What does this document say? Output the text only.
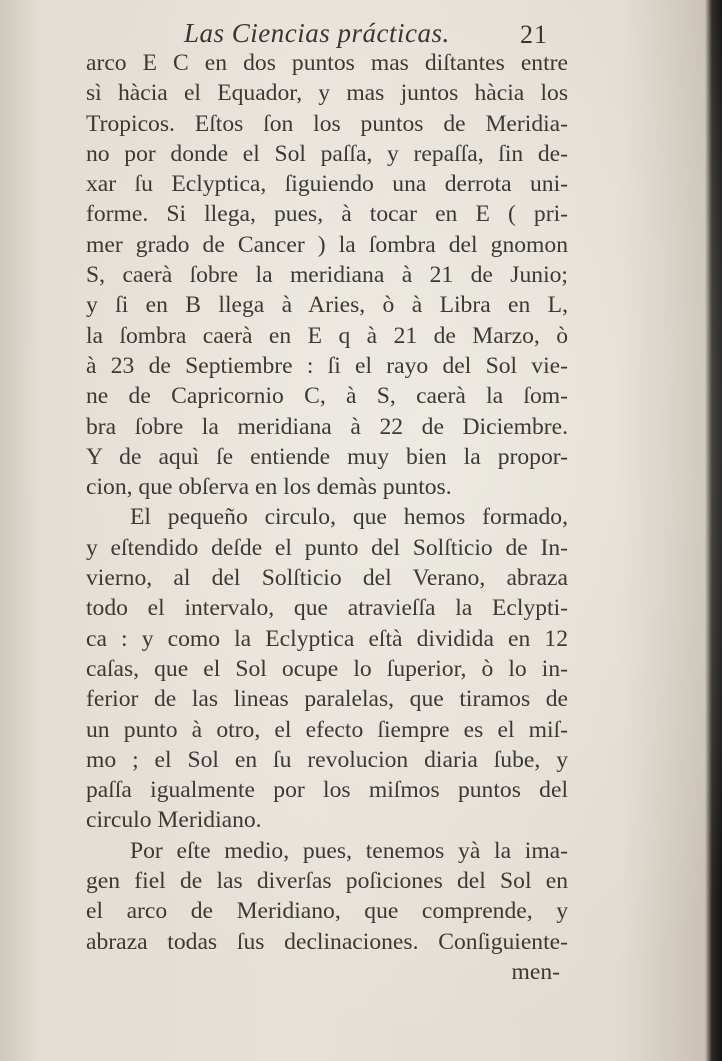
Las Ciencias prácticas.	21
arco E C en dos puntos mas diſtantes entre
sì hàcia el Equador, y mas juntos hàcia los
Tropicos. Eſtos ſon los puntos de Meridia-
no por donde el Sol paſſa, y repaſſa, ſin de-
xar ſu Eclyptica, ſiguiendo una derrota uni-
forme. Si llega, pues, à tocar en E ( pri-
mer grado de Cancer ) la ſombra del gnomon
S, caerà ſobre la meridiana à 21 de Junio;
y ſi en B llega à Aries, ò à Libra en L,
la ſombra caerà en E q à 21 de Marzo, ò
à 23 de Septiembre : ſi el rayo del Sol vie-
ne de Capricornio C, à S, caerà la ſom-
bra ſobre la meridiana à 22 de Diciembre.
Y de aquì ſe entiende muy bien la propor-
cion, que obſerva en los demàs puntos.
El pequeño circulo, que hemos formado,
y eſtendido deſde el punto del Solſticio de In-
vierno, al del Solſticio del Verano, abraza
todo el intervalo, que atravieſſa la Eclypti-
ca : y como la Eclyptica eſtà dividida en 12
caſas, que el Sol ocupe lo ſuperior, ò lo in-
ferior de las lineas paralelas, que tiramos de
un punto à otro, el efecto ſiempre es el miſ-
mo ; el Sol en ſu revolucion diaria ſube, y
paſſa igualmente por los miſmos puntos del
circulo Meridiano.
Por eſte medio, pues, tenemos yà la ima-
gen fiel de las diverſas poſiciones del Sol en
el arco de Meridiano, que comprende, y
abraza todas ſus declinaciones. Conſiguiente-
men-
